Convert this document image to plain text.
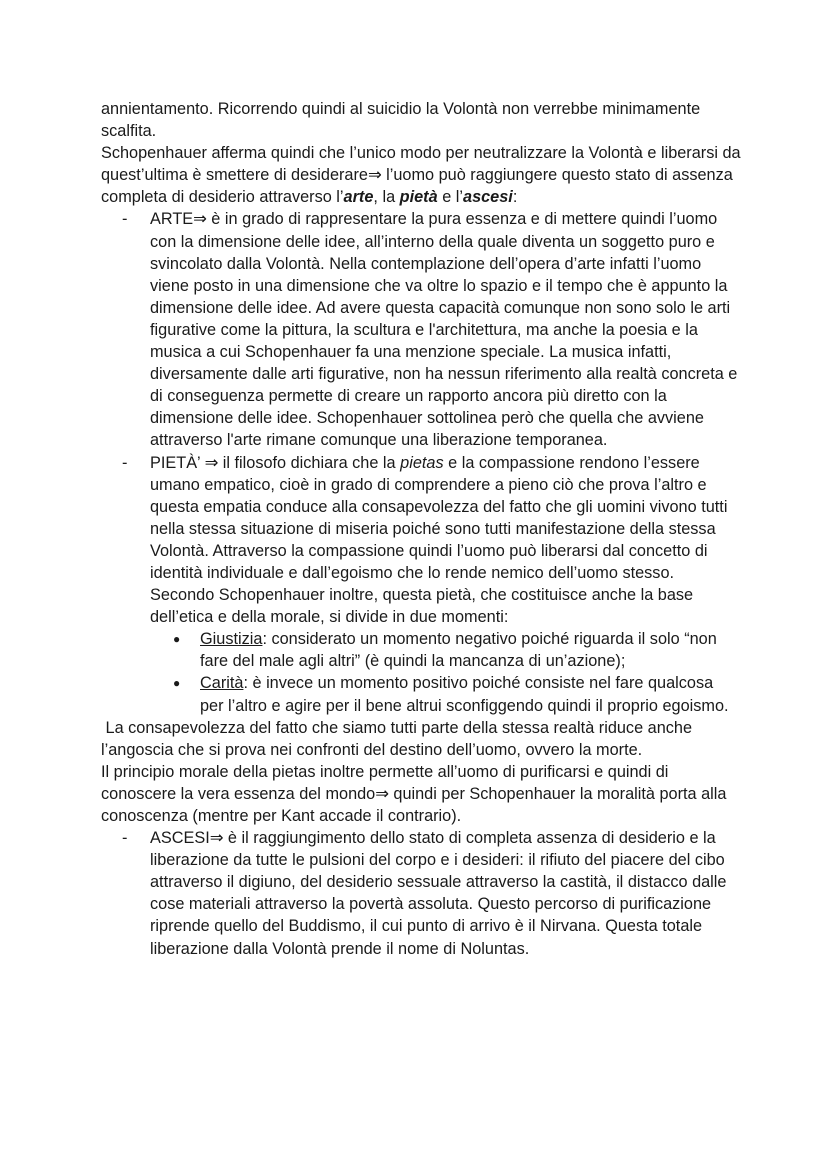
annientamento. Ricorrendo quindi al suicidio la Volontà non verrebbe minimamente scalfita.

Schopenhauer afferma quindi che l’unico modo per neutralizzare la Volontà e liberarsi da quest’ultima è smettere di desiderare⇒ l’uomo può raggiungere questo stato di assenza completa di desiderio attraverso l’arte, la pietà e l’ascesi:

- ARTE⇒ è in grado di rappresentare la pura essenza e di mettere quindi l’uomo con la dimensione delle idee, all’interno della quale diventa un soggetto puro e svincolato dalla Volontà. Nella contemplazione dell’opera d’arte infatti l’uomo viene posto in una dimensione che va oltre lo spazio e il tempo che è appunto la dimensione delle idee. Ad avere questa capacità comunque non sono solo le arti figurative come la pittura, la scultura e l'architettura, ma anche la poesia e la musica a cui Schopenhauer fa una menzione speciale. La musica infatti, diversamente dalle arti figurative, non ha nessun riferimento alla realtà concreta e di conseguenza permette di creare un rapporto ancora più diretto con la dimensione delle idee. Schopenhauer sottolinea però che quella che avviene attraverso l'arte rimane comunque una liberazione temporanea.
- PIETÀ’ ⇒ il filosofo dichiara che la pietas e la compassione rendono l’essere umano empatico, cioè in grado di comprendere a pieno ciò che prova l’altro e questa empatia conduce alla consapevolezza del fatto che gli uomini vivono tutti nella stessa situazione di miseria poiché sono tutti manifestazione della stessa Volontà. Attraverso la compassione quindi l’uomo può liberarsi dal concetto di identità individuale e dall’egoismo che lo rende nemico dell’uomo stesso. Secondo Schopenhauer inoltre, questa pietà, che costituisce anche la base dell’etica e della morale, si divide in due momenti:
● Giustizia: considerato un momento negativo poiché riguarda il solo “non fare del male agli altri” (è quindi la mancanza di un’azione);
● Carità: è invece un momento positivo poiché consiste nel fare qualcosa per l’altro e agire per il bene altrui sconfiggendo quindi il proprio egoismo.

La consapevolezza del fatto che siamo tutti parte della stessa realtà riduce anche l’angoscia che si prova nei confronti del destino dell’uomo, ovvero la morte.

Il principio morale della pietas inoltre permette all’uomo di purificarsi e quindi di conoscere la vera essenza del mondo⇒ quindi per Schopenhauer la moralità porta alla conoscenza (mentre per Kant accade il contrario).

- ASCESI⇒ è il raggiungimento dello stato di completa assenza di desiderio e la liberazione da tutte le pulsioni del corpo e i desideri: il rifiuto del piacere del cibo attraverso il digiuno, del desiderio sessuale attraverso la castità, il distacco dalle cose materiali attraverso la povertà assoluta. Questo percorso di purificazione riprende quello del Buddismo, il cui punto di arrivo è il Nirvana. Questa totale liberazione dalla Volontà prende il nome di Noluntas.
